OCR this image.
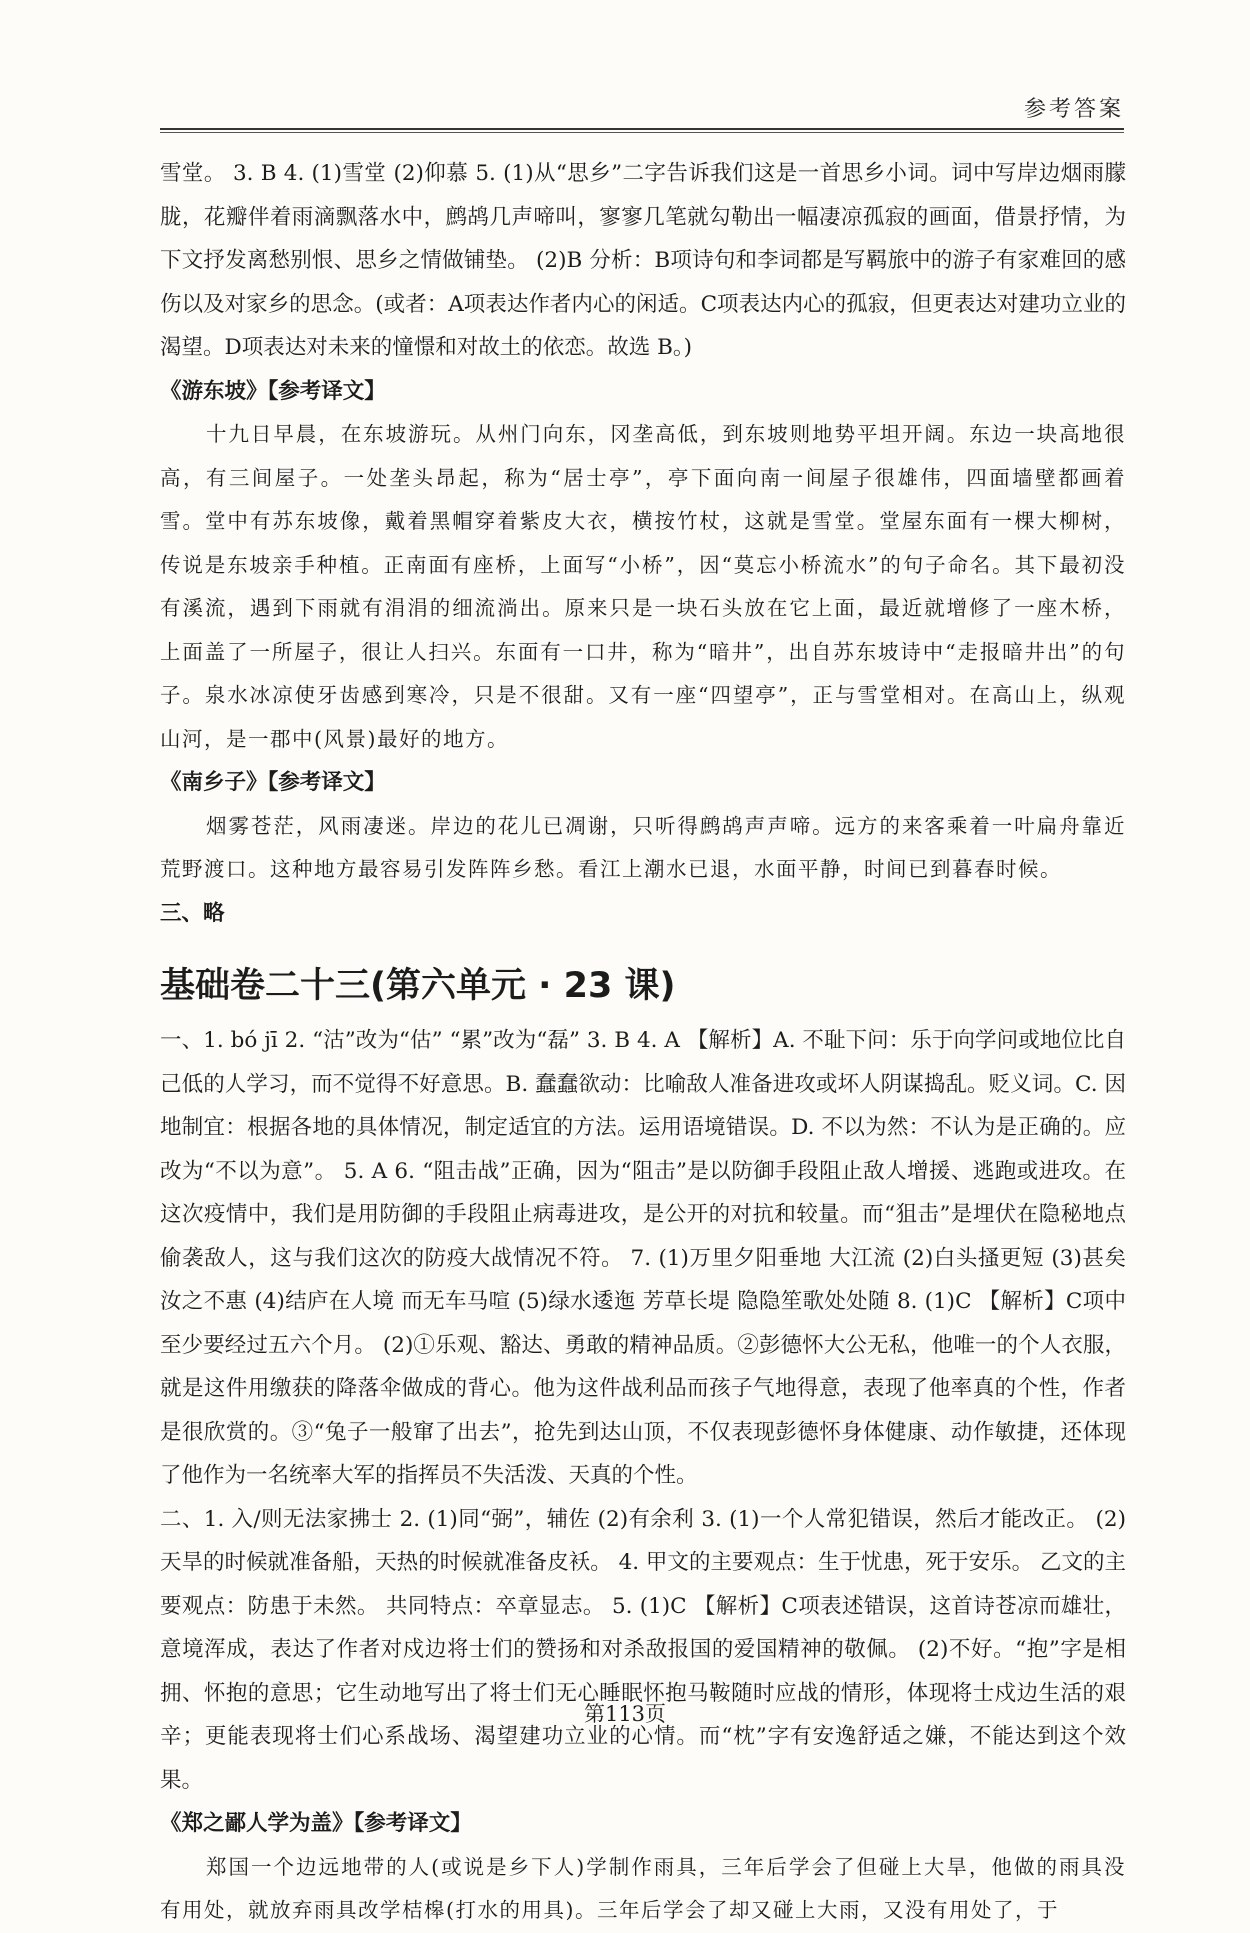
参考答案

雪堂。 3. B 4. (1)雪堂 (2)仰慕 5. (1)从“思乡”二字告诉我们这是一首思乡小词。词中写岸边烟雨朦胧，花瓣伴着雨滴飘落水中，鹧鸪几声啼叫，寥寥几笔就勾勒出一幅凄凉孤寂的画面，借景抒情，为下文抒发离愁别恨、思乡之情做铺垫。 (2)B 分析：B项诗句和李词都是写羁旅中的游子有家难回的感伤以及对家乡的思念。(或者：A项表达作者内心的闲适。C项表达内心的孤寂，但更表达对建功立业的渴望。D项表达对未来的憧憬和对故土的依恋。故选 B。)

《游东坡》【参考译文】

十九日早晨，在东坡游玩。从州门向东，冈垄高低，到东坡则地势平坦开阔。东边一块高地很高，有三间屋子。一处垄头昂起，称为“居士亭”，亭下面向南一间屋子很雄伟，四面墙壁都画着雪。堂中有苏东坡像，戴着黑帽穿着紫皮大衣，横按竹杖，这就是雪堂。堂屋东面有一棵大柳树，传说是东坡亲手种植。正南面有座桥，上面写“小桥”，因“莫忘小桥流水”的句子命名。其下最初没有溪流，遇到下雨就有涓涓的细流淌出。原来只是一块石头放在它上面，最近就增修了一座木桥，上面盖了一所屋子，很让人扫兴。东面有一口井，称为“暗井”，出自苏东坡诗中“走报暗井出”的句子。泉水冰凉使牙齿感到寒冷，只是不很甜。又有一座“四望亭”，正与雪堂相对。在高山上，纵观山河，是一郡中(风景)最好的地方。

《南乡子》【参考译文】

烟雾苍茫，风雨凄迷。岸边的花儿已凋谢，只听得鹧鸪声声啼。远方的来客乘着一叶扁舟靠近荒野渡口。这种地方最容易引发阵阵乡愁。看江上潮水已退，水面平静，时间已到暮春时候。

三、略

基础卷二十三(第六单元 · 23 课)

一、1. bó jī 2. “沽”改为“估” “累”改为“磊” 3. B 4. A 【解析】A. 不耻下问：乐于向学问或地位比自己低的人学习，而不觉得不好意思。B. 蠢蠢欲动：比喻敌人准备进攻或坏人阴谋捣乱。贬义词。C. 因地制宜：根据各地的具体情况，制定适宜的方法。运用语境错误。D. 不以为然：不认为是正确的。应改为“不以为意”。 5. A 6. “阻击战”正确，因为“阻击”是以防御手段阻止敌人增援、逃跑或进攻。在这次疫情中，我们是用防御的手段阻止病毒进攻，是公开的对抗和较量。而“狙击”是埋伏在隐秘地点偷袭敌人，这与我们这次的防疫大战情况不符。 7. (1)万里夕阳垂地 大江流 (2)白头搔更短 (3)甚矣 汝之不惠 (4)结庐在人境 而无车马喧 (5)绿水逶迤 芳草长堤 隐隐笙歌处处随 8. (1)C 【解析】C项中至少要经过五六个月。 (2)①乐观、豁达、勇敢的精神品质。②彭德怀大公无私，他唯一的个人衣服，就是这件用缴获的降落伞做成的背心。他为这件战利品而孩子气地得意，表现了他率真的个性，作者是很欣赏的。③“兔子一般窜了出去”，抢先到达山顶，不仅表现彭德怀身体健康、动作敏捷，还体现了他作为一名统率大军的指挥员不失活泼、天真的个性。

二、1. 入/则无法家拂士 2. (1)同“弼”，辅佐 (2)有余利 3. (1)一个人常犯错误，然后才能改正。 (2)天旱的时候就准备船，天热的时候就准备皮袄。 4. 甲文的主要观点：生于忧患，死于安乐。 乙文的主要观点：防患于未然。 共同特点：卒章显志。 5. (1)C 【解析】C项表述错误，这首诗苍凉而雄壮，意境浑成，表达了作者对戍边将士们的赞扬和对杀敌报国的爱国精神的敬佩。 (2)不好。“抱”字是相拥、怀抱的意思；它生动地写出了将士们无心睡眠怀抱马鞍随时应战的情形，体现将士戍边生活的艰辛；更能表现将士们心系战场、渴望建功立业的心情。而“枕”字有安逸舒适之嫌，不能达到这个效果。

《郑之鄙人学为盖》【参考译文】

郑国一个边远地带的人(或说是乡下人)学制作雨具，三年后学会了但碰上大旱，他做的雨具没有用处，就放弃雨具改学桔槔(打水的用具)。三年后学会了却又碰上大雨，又没有用处了，于

第113页
